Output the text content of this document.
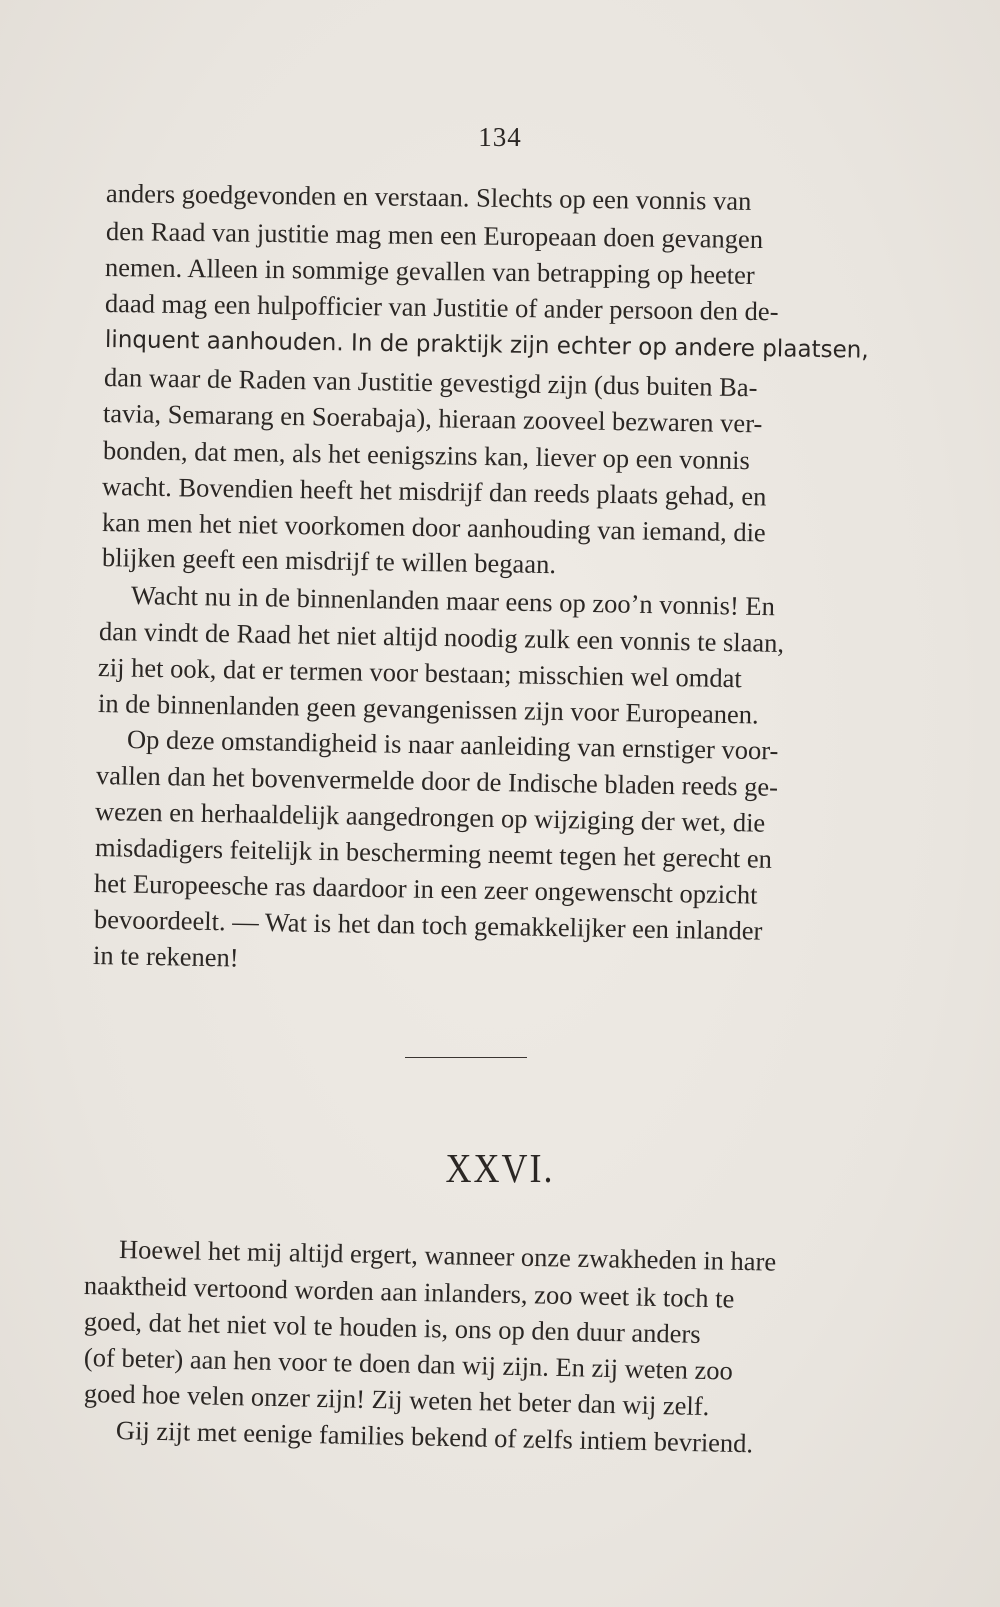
134
anders goedgevonden en verstaan. Slechts op een vonnis van
den Raad van justitie mag men een Europeaan doen gevangen
nemen. Alleen in sommige gevallen van betrapping op heeter
daad mag een hulpofficier van Justitie of ander persoon den de-
linquent aanhouden. In de praktijk zijn echter op andere plaatsen,
dan waar de Raden van Justitie gevestigd zijn (dus buiten Ba-
tavia, Semarang en Soerabaja), hieraan zooveel bezwaren ver-
bonden, dat men, als het eenigszins kan, liever op een vonnis
wacht. Bovendien heeft het misdrijf dan reeds plaats gehad, en
kan men het niet voorkomen door aanhouding van iemand, die
blijken geeft een misdrijf te willen begaan.
Wacht nu in de binnenlanden maar eens op zoo’n vonnis! En
dan vindt de Raad het niet altijd noodig zulk een vonnis te slaan,
zij het ook, dat er termen voor bestaan; misschien wel omdat
in de binnenlanden geen gevangenissen zijn voor Europeanen.
Op deze omstandigheid is naar aanleiding van ernstiger voor-
vallen dan het bovenvermelde door de Indische bladen reeds ge-
wezen en herhaaldelijk aangedrongen op wijziging der wet, die
misdadigers feitelijk in bescherming neemt tegen het gerecht en
het Europeesche ras daardoor in een zeer ongewenscht opzicht
bevoordeelt. — Wat is het dan toch gemakkelijker een inlander
in te rekenen!
XXVI.
Hoewel het mij altijd ergert, wanneer onze zwakheden in hare
naaktheid vertoond worden aan inlanders, zoo weet ik toch te
goed, dat het niet vol te houden is, ons op den duur anders
(of beter) aan hen voor te doen dan wij zijn. En zij weten zoo
goed hoe velen onzer zijn! Zij weten het beter dan wij zelf.
Gij zijt met eenige families bekend of zelfs intiem bevriend.
